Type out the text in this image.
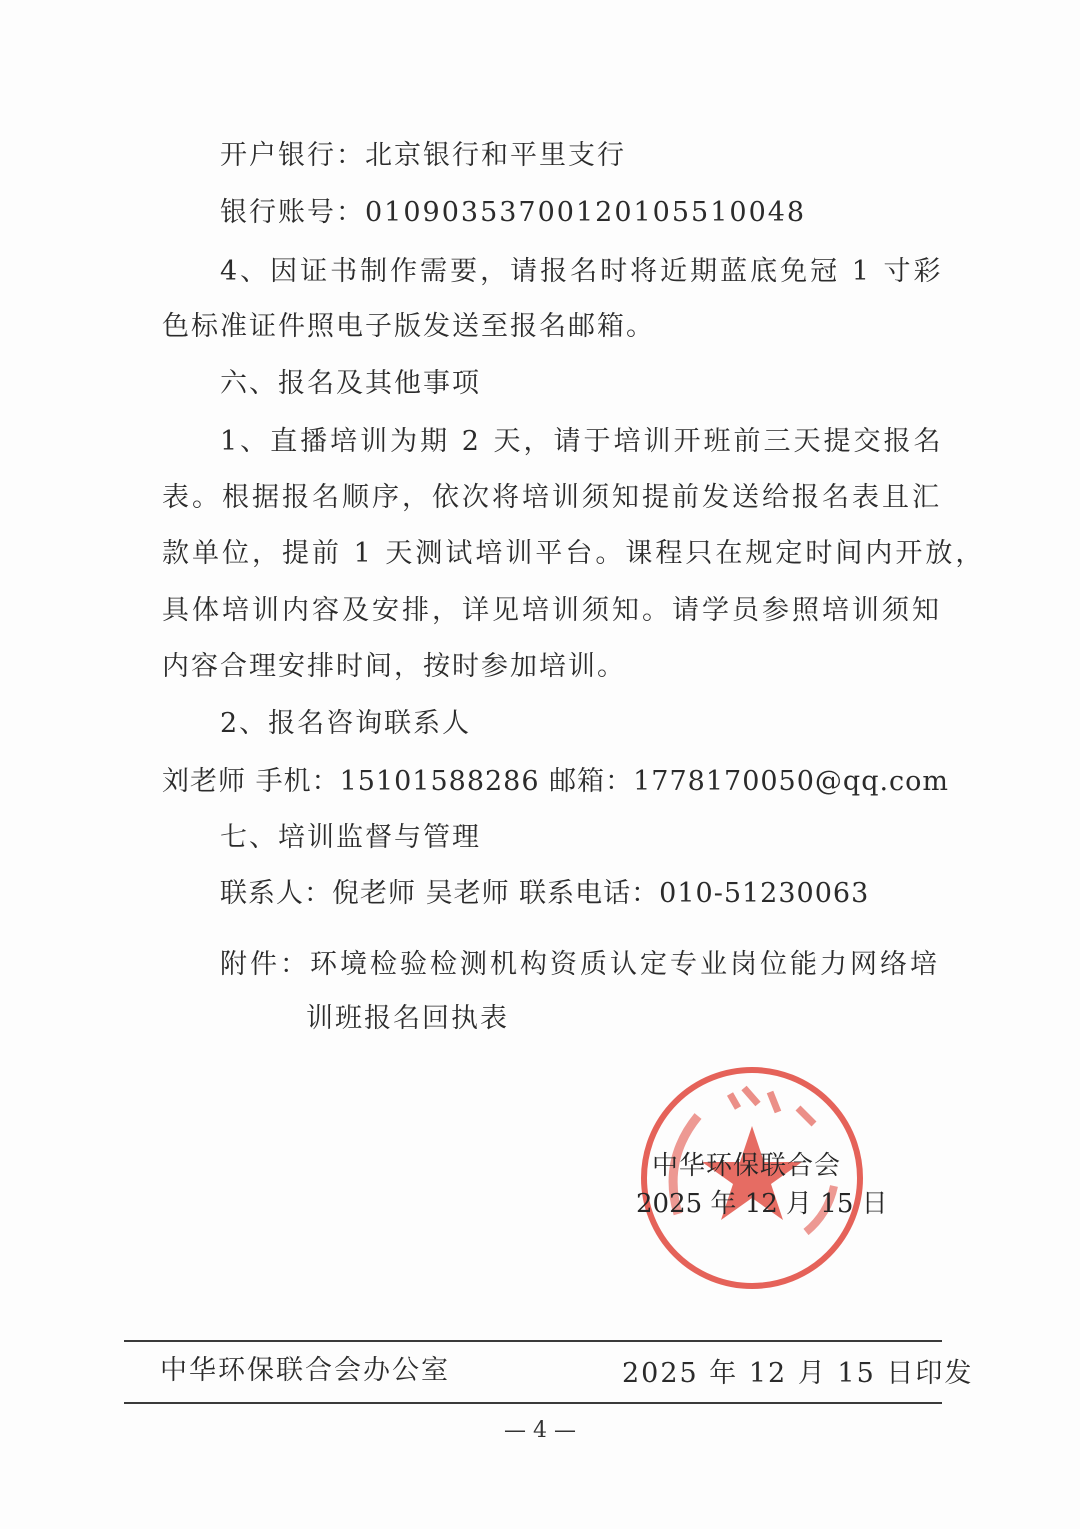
开户银行：北京银行和平里支行
银行账号：01090353700120105510048
4、因证书制作需要，请报名时将近期蓝底免冠 1 寸彩
色标准证件照电子版发送至报名邮箱。
六、报名及其他事项
1、直播培训为期 2 天，请于培训开班前三天提交报名
表。根据报名顺序，依次将培训须知提前发送给报名表且汇
款单位，提前 1 天测试培训平台。课程只在规定时间内开放，
具体培训内容及安排，详见培训须知。请学员参照培训须知
内容合理安排时间，按时参加培训。
2、报名咨询联系人
刘老师 手机：15101588286 邮箱：1778170050@qq.com
七、培训监督与管理
联系人：倪老师 吴老师 联系电话：010-51230063
附件：环境检验检测机构资质认定专业岗位能力网络培
训班报名回执表
中华环保联合会
2025 年 12 月 15 日
中华环保联合会办公室	2025 年 12 月 15 日印发
— 4 —
